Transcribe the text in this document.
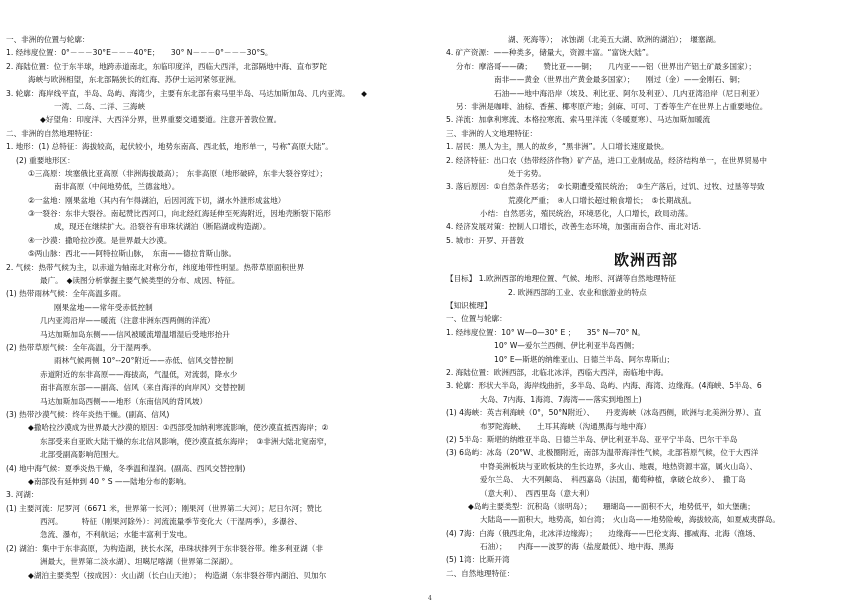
一、非洲的位置与轮廓：
1. 经纬度位置：0°－－－30°E－－－40°E；　　30° N－－－0°－－－30°S。
2. 海陆位置：位于东半球，地跨赤道南北，东临印度洋，西临大西洋，北部隔地中海、直布罗陀
海峡与欧洲相望，东北部隔狭长的红海、苏伊士运河紧邻亚洲。
3. 轮廓：海岸线平直，半岛、岛屿、海湾少，主要有东北部有索马里半岛、马达加斯加岛、几内亚湾。　　◆
一湾、二岛、二洋、三海峡
◆好望角：印度洋、大西洋分界，世界重要交通要道。注意开普敦位置。
二、非洲的自然地理特征：
1. 地形：(1) 总特征：海拔较高，起伏较小，地势东南高、西北低，地形单一，号称“高原大陆”。
(2) 重要地形区：
①三高原：埃塞俄比亚高原（非洲海拔最高）；　东非高原（地形破碎，东非大裂谷穿过）；
南非高原（中间地势低，兰德盆地）。
②一盆地：刚果盆地（其内有乍得湖泊，后因河流下切，湖水外泄形成盆地）
③一裂谷：东非大裂谷。南起赞比西河口，向北经红海延伸至死海附近，因地壳断裂下陷形
成，现还在继续扩大。沿裂谷有串珠状湖泊（断陷湖或构造湖）。
④一沙漠：撒哈拉沙漠。是世界最大沙漠。
⑤两山脉：西北——阿特拉斯山脉，　东南——德拉肯斯山脉。
2. 气候：热带气候为主，以赤道为轴南北对称分布，纬度地带性明显。热带草原面积世界
最广。　◆读图分析掌握主要气候类型的分布、成因、特征。
(1) 热带雨林气候：全年高温多雨。
刚果盆地——常年受赤低控制
几内亚湾沿岸——暖流（注意非洲东西两侧的洋流）
马达加斯加岛东侧——信风被暖流增温增湿后受地形抬升
(2) 热带草原气候：全年高温，分干湿两季。
雨林气候两侧 10°--20°附近——赤低、信风交替控制
赤道附近的东非高原——海拔高，气温低，对流弱，降水少
南非高原东部——副高、信风（来自海洋的向岸风）交替控制
马达加斯加岛西侧——地形（东南信风的背风坡）
(3) 热带沙漠气候：终年炎热干燥。(副高、信风)
◆撒哈拉沙漠成为世界最大沙漠的原因：①西部受加纳利寒流影响，使沙漠直抵西海岸；②
东部受来自亚欧大陆干燥的东北信风影响，使沙漠直抵东海岸；　③非洲大陆北宽南窄，
北部受副高影响范围大。
(4) 地中海气候：夏季炎热干燥，冬季温和湿润。(副高、西风交替控制)
◆南部没有延伸到 40 ° S ——陆地分布的影响。
3. 河湖：
(1) 主要河流：尼罗河（6671 米，世界第一长河）；刚果河（世界第二大河）；尼日尔河；赞比
西河。　　　特征（刚果河除外）：河流流量季节变化大（干湿两季），多瀑谷、
急流、瀑布，不利航运；水能丰富利于发电。
(2) 湖泊：集中于东非高原，为构造湖，狭长水深，串珠状排列于东非裂谷带。维多利亚湖（非
洲最大，世界第二淡水湖）、坦噶尼喀湖（世界第二深湖）。
◆湖泊主要类型（按成因）：火山湖（长白山天池）；　构造湖（东非裂谷带内湖泊、贝加尔
湖、死海等）；　冰蚀湖（北美五大湖、欧洲的湖泊）；　堰塞湖。
4. 矿产资源：——种类多，储量大，资源丰富。“富饶大陆”。
分布：摩洛哥——磷；　　赞比亚——铜；　　几内亚——铝（世界出产铝土矿最多国家）；
南非——黄金（世界出产黄金最多国家）；　　刚过（金）——金刚石、铜；
石油——地中海沿岸（埃及、利比亚、阿尔及利亚）、几内亚湾沿岸（尼日利亚）
另：非洲是咖啡、油棕、香蕉、椰枣原产地；剑麻、可可、丁香等生产在世界上占重要地位。
5. 洋流：加拿利寒流、本格拉寒流、索马里洋流（冬暖夏寒）、马达加斯加暖流
三、非洲的人文地理特征：
1. 居民：黑人为主，黑人的故乡，“黑非洲”。人口增长速度最快。
2. 经济特征：出口农（热带经济作物）矿产品，进口工业制成品，经济结构单一，在世界贸易中
处于劣势。
3. 落后原因：①自然条件恶劣；　②长期遭受殖民统治；　③生产落后，过饥、过牧、过垦等导致
荒漠化严重；　④人口增长超过粮食增长；　⑤长期战乱。
小结：自然恶劣，殖民统治，环境恶化，人口增长，政局动荡。
4. 经济发展对策：控制人口增长，改善生态环境，加强南南合作、南北对话.
5. 城市：开罗、开普敦
欧洲西部
【目标】 1.欧洲西部的地理位置、气候、地形、河湖等自然地理特征
2. 欧洲西部的工业、农业和旅游业的特点
【知识梳理】
一、位置与轮廓：
1. 经纬度位置：10° W—0—30° E ；　　35° N—70° N。
10° W—爱尔兰西侧、伊比利亚半岛西侧；
10° E—斯堪的纳维亚山、日德兰半岛、阿尔卑斯山；
2. 海陆位置：欧洲西部，北临北冰洋，西临大西洋，南临地中海。
3. 轮廓：形状大半岛，海岸线曲折，多半岛、岛屿、内海、海湾、边缘海。(4海峡、5半岛、6
大岛、7内海、1海湾、7海湾——落实到地图上)
(1) 4海峡：英吉利海峡（0°，50°N附近）、　　丹麦海峡（冰岛西侧，欧洲与北美洲分界）、直
布罗陀海峡、　　土耳其海峡（沟通黑海与地中海）
(2) 5半岛：斯堪的纳维亚半岛、日德兰半岛、伊比利亚半岛、亚平宁半岛、巴尔干半岛
(3) 6岛屿：冰岛（20°W、北极圈附近，南部为温带海洋性气候，北部苔原气候，位于大西洋
中脊美洲板块与亚欧板块的生长边界，多火山、地震，地热资源丰富，属火山岛）、
爱尔兰岛、　大不列颠岛、　科西嘉岛（法国，葡萄种植，拿破仑故乡）、　撒丁岛
（意大利）、　西西里岛（意大利）
◆岛屿主要类型：沉积岛（崇明岛）；　　珊瑚岛——面积不大，地势低平，如大堡礁；
大陆岛——面积大，地势高，如台湾；　火山岛——地势险峻，海拔较高，如夏威夷群岛。
(4) 7海：白海（俄西北角，北冰洋边缘海）；　　边缘海——巴伦支海、挪威海、北海（渔场、
石油）；　　内海——波罗的海（盐度最低）、地中海、黑海
(5) 1湾：比斯开湾
二、自然地理特征：
4
